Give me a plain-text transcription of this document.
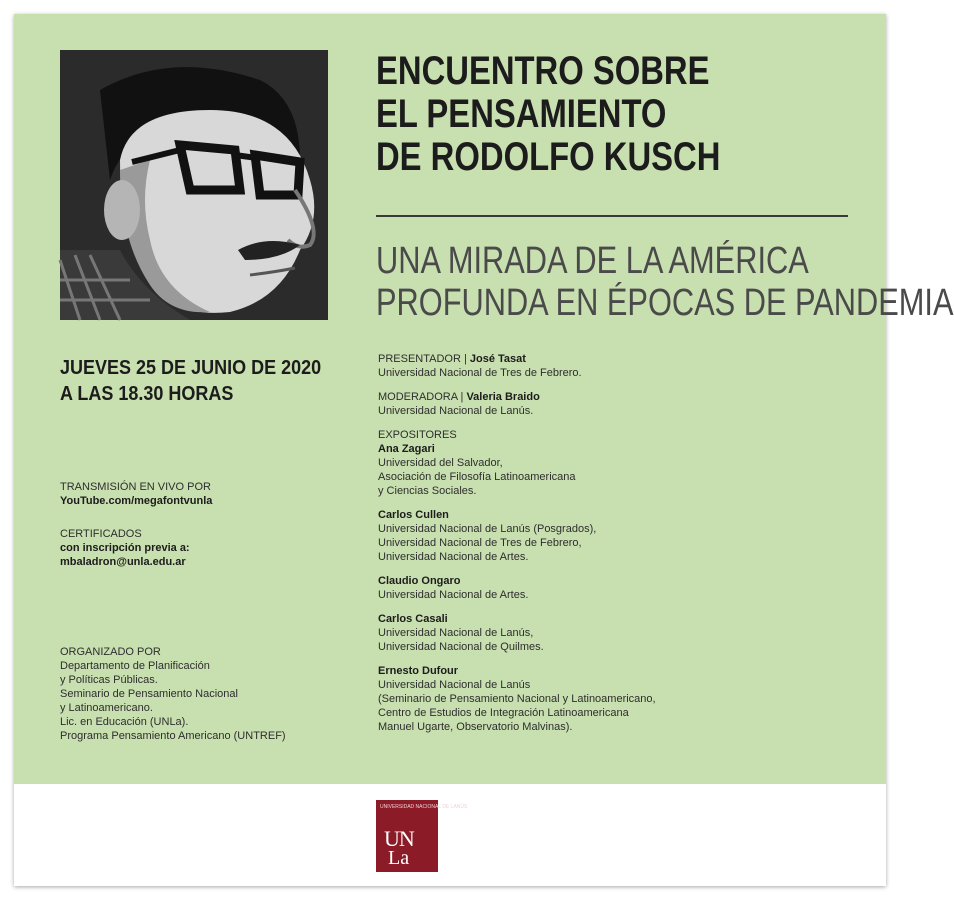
ENCUENTRO SOBRE
EL PENSAMIENTO
DE RODOLFO KUSCH
UNA MIRADA DE LA AMÉRICA
PROFUNDA EN ÉPOCAS DE PANDEMIA
JUEVES 25 DE JUNIO DE 2020
A LAS 18.30 HORAS
TRANSMISIÓN EN VIVO POR
YouTube.com/megafontvunla
CERTIFICADOS
con inscripción previa a:
mbaladron@unla.edu.ar
ORGANIZADO POR
Departamento de Planificación
y Políticas Públicas.
Seminario de Pensamiento Nacional
y Latinoamericano.
Lic. en Educación (UNLa).
Programa Pensamiento Americano (UNTREF)
PRESENTADOR | José Tasat
Universidad Nacional de Tres de Febrero.
MODERADORA | Valeria Braido
Universidad Nacional de Lanús.
EXPOSITORES
Ana Zagari
Universidad del Salvador,
Asociación de Filosofía Latinoamericana
y Ciencias Sociales.
Carlos Cullen
Universidad Nacional de Lanús (Posgrados),
Universidad Nacional de Tres de Febrero,
Universidad Nacional de Artes.
Claudio Ongaro
Universidad Nacional de Artes.
Carlos Casali
Universidad Nacional de Lanús,
Universidad Nacional de Quilmes.
Ernesto Dufour
Universidad Nacional de Lanús
(Seminario de Pensamiento Nacional y Latinoamericano,
Centro de Estudios de Integración Latinoamericana
Manuel Ugarte, Observatorio Malvinas).
UNIVERSIDAD NACIONAL DE LANÚS
UN
La
